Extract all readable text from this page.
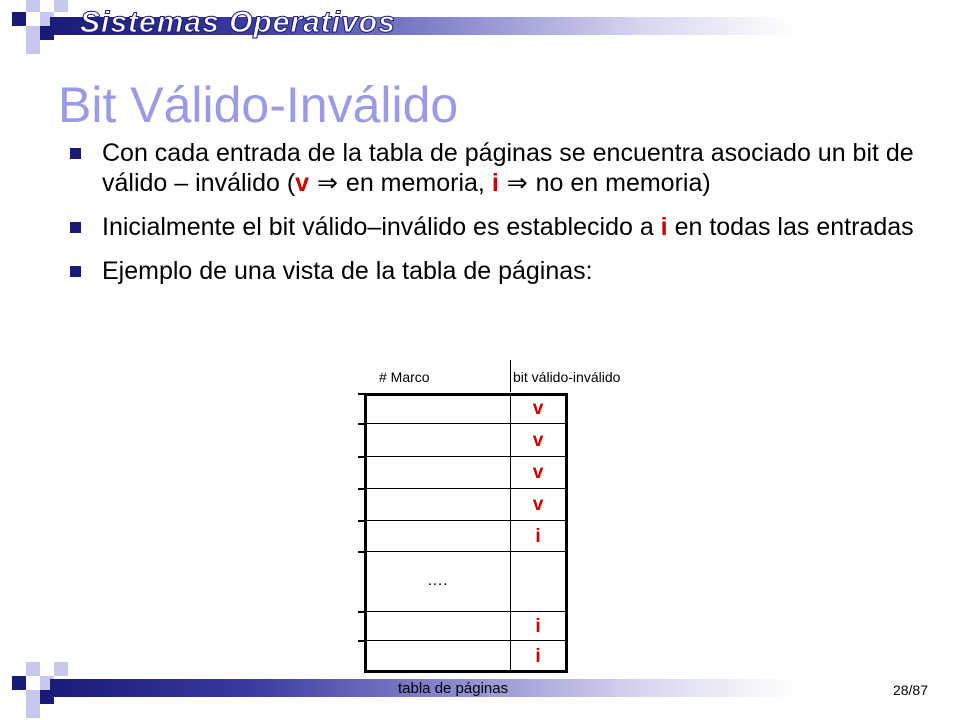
Sistemas Operativos
Bit Válido-Inválido
Con cada entrada de la tabla de páginas se encuentra asociado un bit de válido – inválido (v ⇒ en memoria, i ⇒ no en memoria)
Inicialmente el bit válido–inválido es establecido a i en todas las entradas
Ejemplo de una vista de la tabla de páginas:
# Marco	bit válido-inválido
v
v
v
v
i
i
i
….
tabla de páginas	28/87
